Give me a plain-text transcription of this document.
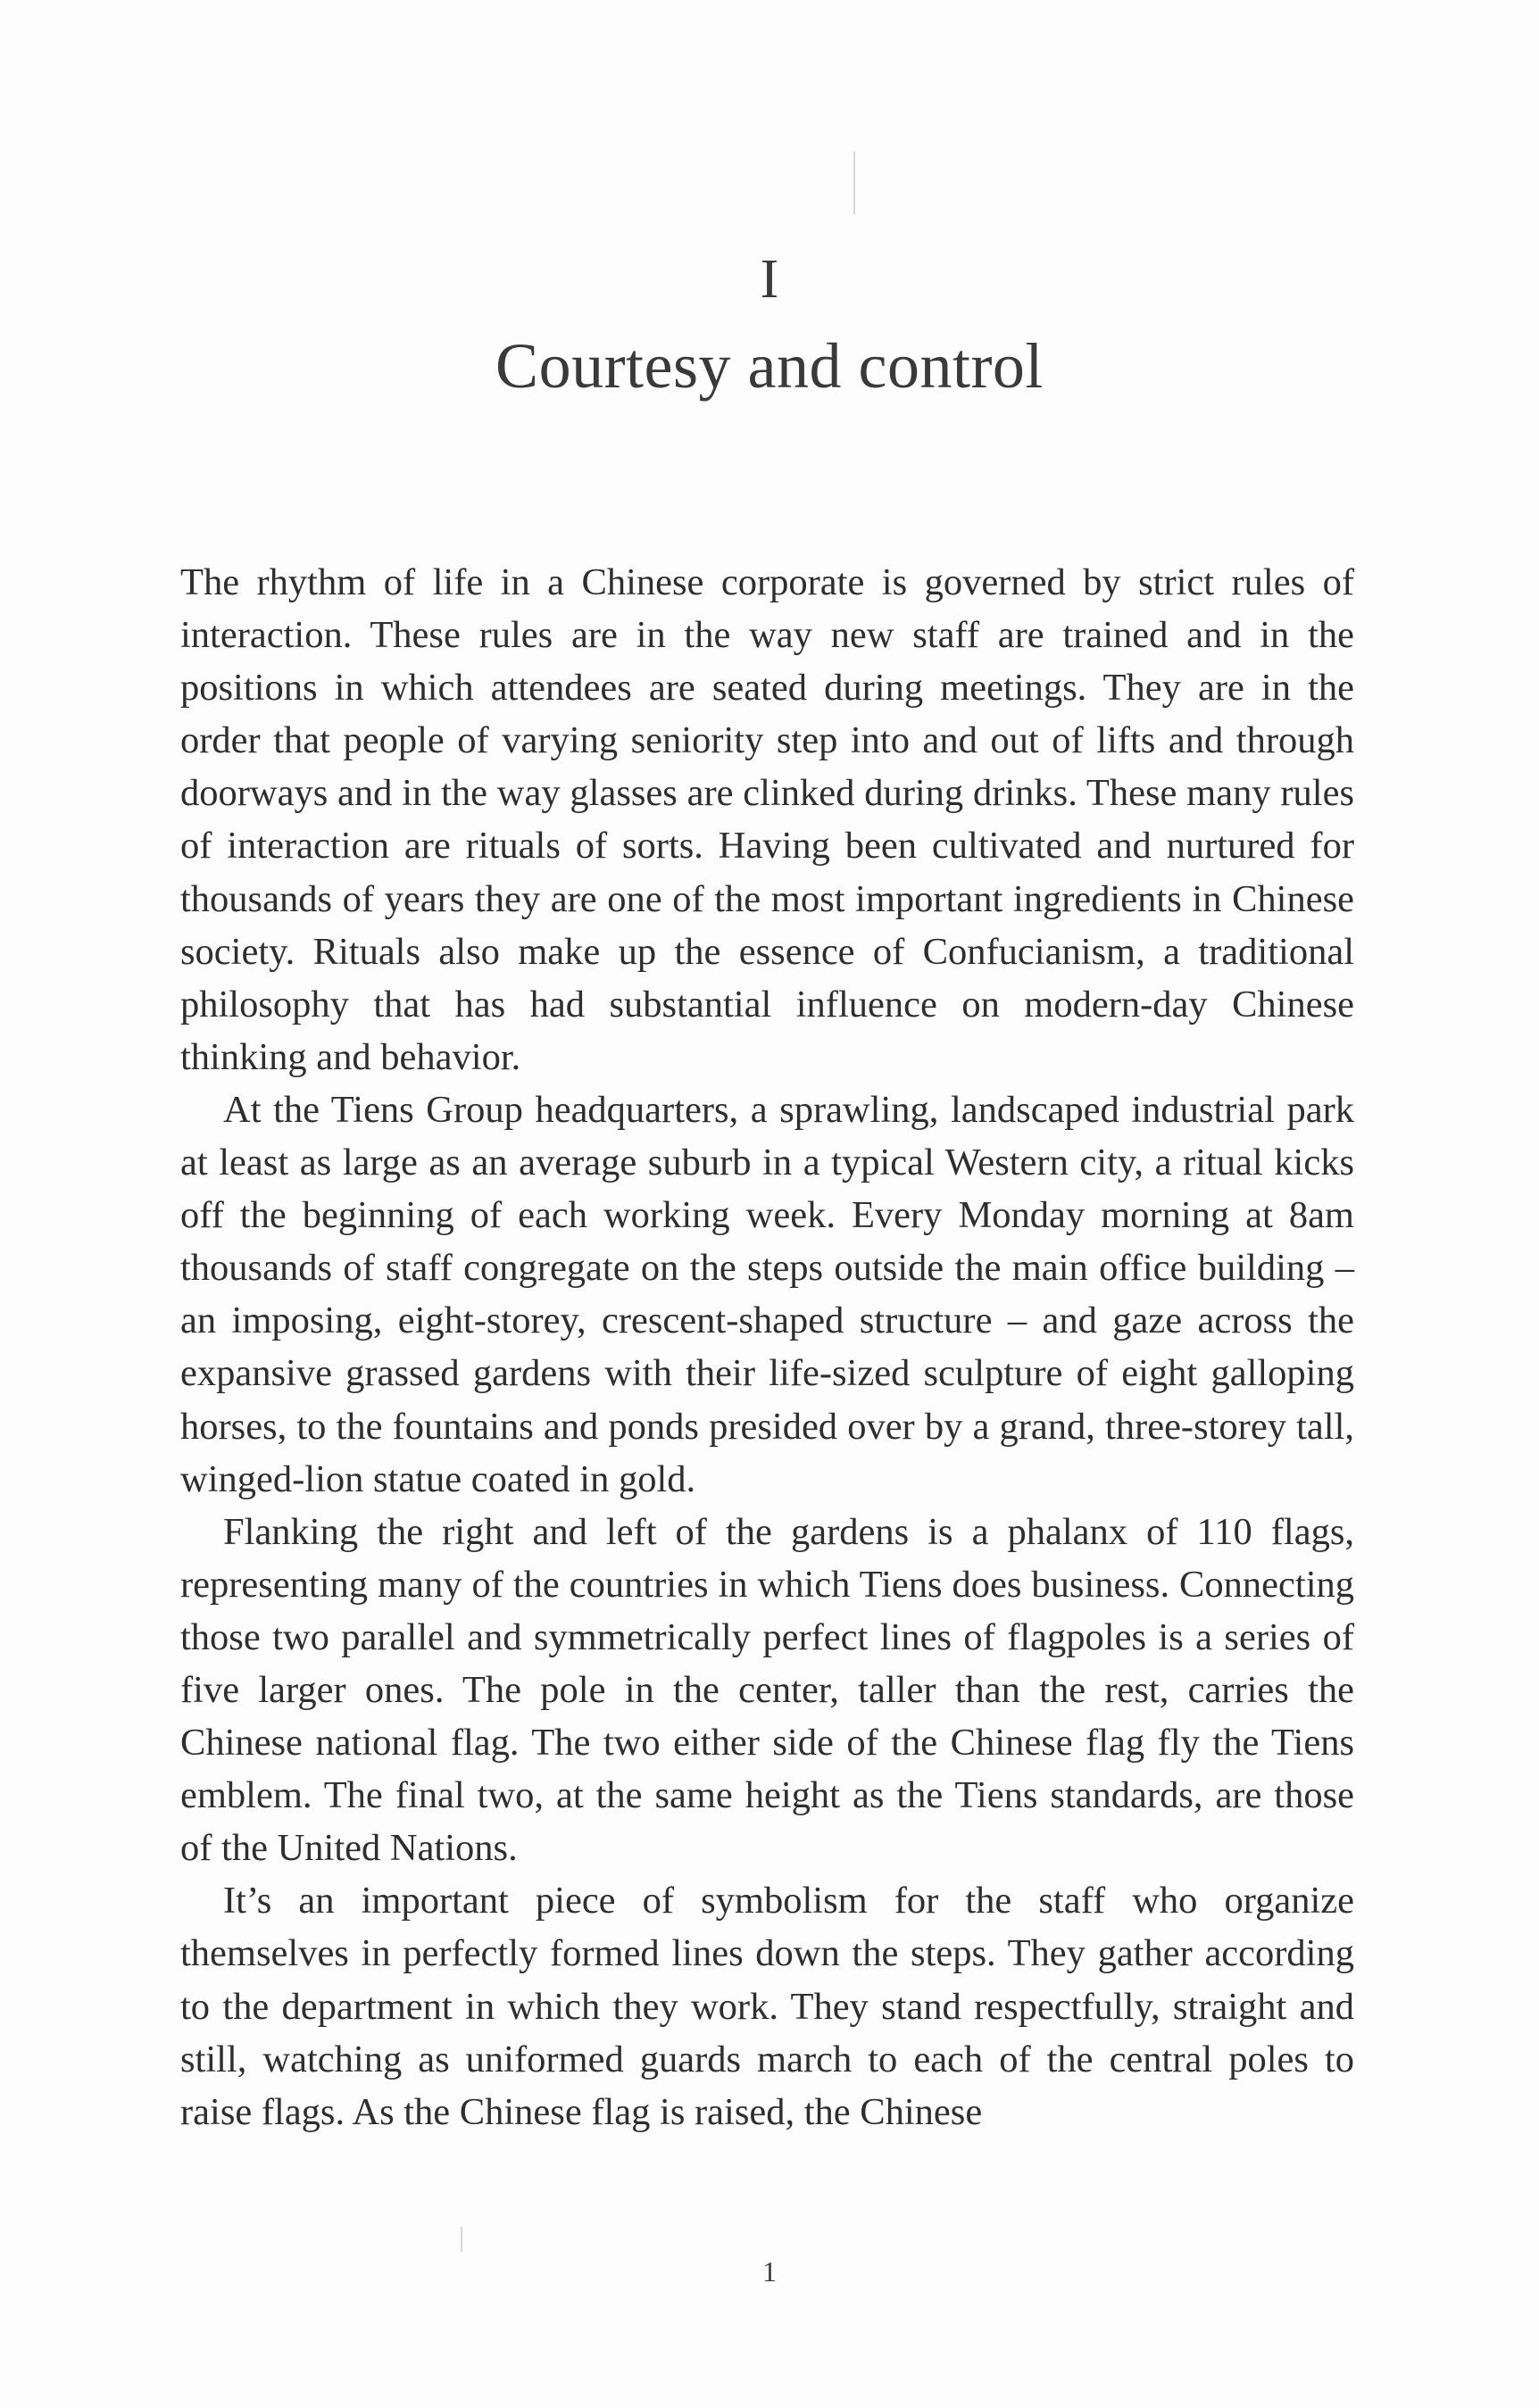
I
Courtesy and control

The rhythm of life in a Chinese corporate is governed by strict rules of interaction. These rules are in the way new staff are trained and in the positions in which attendees are seated during meetings. They are in the order that people of varying seniority step into and out of lifts and through doorways and in the way glasses are clinked during drinks. These many rules of interaction are rituals of sorts. Having been cultivated and nurtured for thousands of years they are one of the most important ingredients in Chinese society. Rituals also make up the essence of Confucianism, a traditional philosophy that has had substantial influence on modern-day Chinese thinking and behavior.

At the Tiens Group headquarters, a sprawling, landscaped industrial park at least as large as an average suburb in a typical Western city, a ritual kicks off the beginning of each working week. Every Monday morning at 8am thousands of staff congregate on the steps outside the main office building – an imposing, eight-storey, crescent-shaped structure – and gaze across the expansive grassed gardens with their life-sized sculpture of eight galloping horses, to the fountains and ponds presided over by a grand, three-storey tall, winged-lion statue coated in gold.

Flanking the right and left of the gardens is a phalanx of 110 flags, representing many of the countries in which Tiens does business. Connecting those two parallel and symmetrically perfect lines of flagpoles is a series of five larger ones. The pole in the center, taller than the rest, carries the Chinese national flag. The two either side of the Chinese flag fly the Tiens emblem. The final two, at the same height as the Tiens standards, are those of the United Nations.

It’s an important piece of symbolism for the staff who organize themselves in perfectly formed lines down the steps. They gather according to the department in which they work. They stand respectfully, straight and still, watching as uniformed guards march to each of the central poles to raise flags. As the Chinese flag is raised, the Chinese

1
